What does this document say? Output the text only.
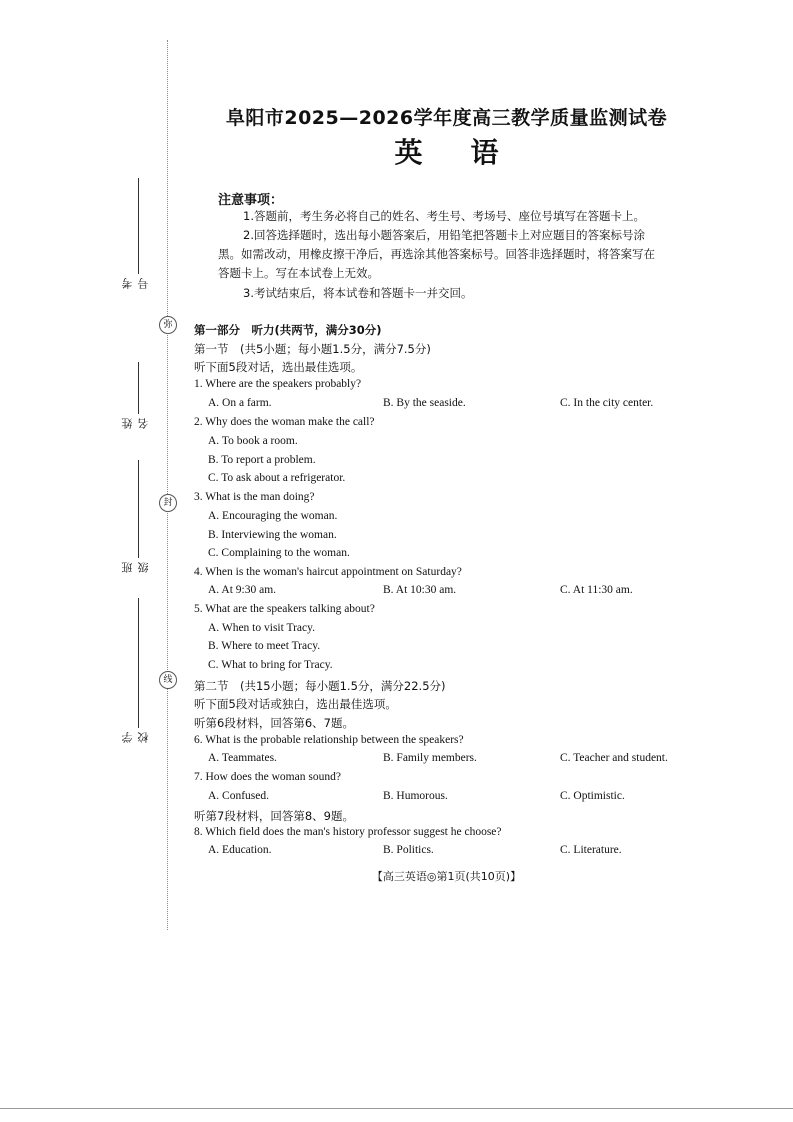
考号
姓名
班级
学校
弥
封
线
阜阳市2025—2026学年度高三教学质量监测试卷
英 语
注意事项：
1.答题前，考生务必将自己的姓名、考生号、考场号、座位号填写在答题卡上。
2.回答选择题时，选出每小题答案后，用铅笔把答题卡上对应题目的答案标号涂
黑。如需改动，用橡皮擦干净后，再选涂其他答案标号。回答非选择题时，将答案写在
答题卡上。写在本试卷上无效。
3.考试结束后，将本试卷和答题卡一并交回。
第一部分　听力(共两节，满分30分)
第一节　(共5小题；每小题1.5分，满分7.5分)
听下面5段对话，选出最佳选项。
1. Where are the speakers probably?
A. On a farm.	B. By the seaside.	C. In the city center.
2. Why does the woman make the call?
A. To book a room.
B. To report a problem.
C. To ask about a refrigerator.
3. What is the man doing?
A. Encouraging the woman.
B. Interviewing the woman.
C. Complaining to the woman.
4. When is the woman's haircut appointment on Saturday?
A. At 9:30 am.	B. At 10:30 am.	C. At 11:30 am.
5. What are the speakers talking about?
A. When to visit Tracy.
B. Where to meet Tracy.
C. What to bring for Tracy.
第二节　(共15小题；每小题1.5分，满分22.5分)
听下面5段对话或独白，选出最佳选项。
听第6段材料，回答第6、7题。
6. What is the probable relationship between the speakers?
A. Teammates.	B. Family members.	C. Teacher and student.
7. How does the woman sound?
A. Confused.	B. Humorous.	C. Optimistic.
听第7段材料，回答第8、9题。
8. Which field does the man's history professor suggest he choose?
A. Education.	B. Politics.	C. Literature.
【高三英语◎第1页(共10页)】
